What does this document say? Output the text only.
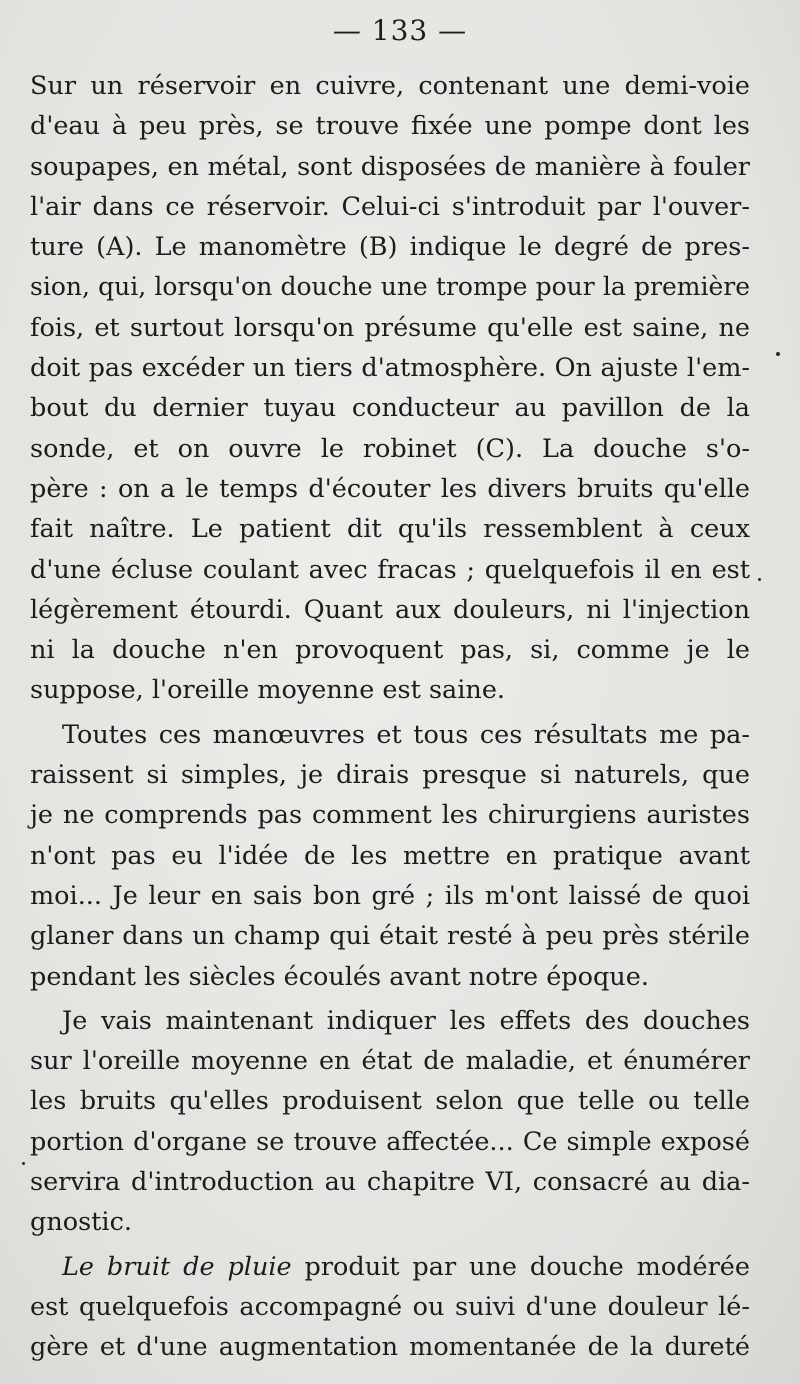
— 133 —
Sur un réservoir en cuivre, contenant une demi-voie
d'eau à peu près, se trouve fixée une pompe dont les
soupapes, en métal, sont disposées de manière à fouler
l'air dans ce réservoir. Celui-ci s'introduit par l'ouver-
ture (A). Le manomètre (B) indique le degré de pres-
sion, qui, lorsqu'on douche une trompe pour la première
fois, et surtout lorsqu'on présume qu'elle est saine, ne
doit pas excéder un tiers d'atmosphère. On ajuste l'em-
bout du dernier tuyau conducteur au pavillon de la
sonde, et on ouvre le robinet (C). La douche s'o-
père : on a le temps d'écouter les divers bruits qu'elle
fait naître. Le patient dit qu'ils ressemblent à ceux
d'une écluse coulant avec fracas ; quelquefois il en est
légèrement étourdi. Quant aux douleurs, ni l'injection
ni la douche n'en provoquent pas, si, comme je le
suppose, l'oreille moyenne est saine.
Toutes ces manœuvres et tous ces résultats me pa-
raissent si simples, je dirais presque si naturels, que
je ne comprends pas comment les chirurgiens auristes
n'ont pas eu l'idée de les mettre en pratique avant
moi... Je leur en sais bon gré ; ils m'ont laissé de quoi
glaner dans un champ qui était resté à peu près stérile
pendant les siècles écoulés avant notre époque.
Je vais maintenant indiquer les effets des douches
sur l'oreille moyenne en état de maladie, et énumérer
les bruits qu'elles produisent selon que telle ou telle
portion d'organe se trouve affectée... Ce simple exposé
servira d'introduction au chapitre VI, consacré au dia-
gnostic.
Le bruit de pluie produit par une douche modérée
est quelquefois accompagné ou suivi d'une douleur lé-
gère et d'une augmentation momentanée de la dureté
